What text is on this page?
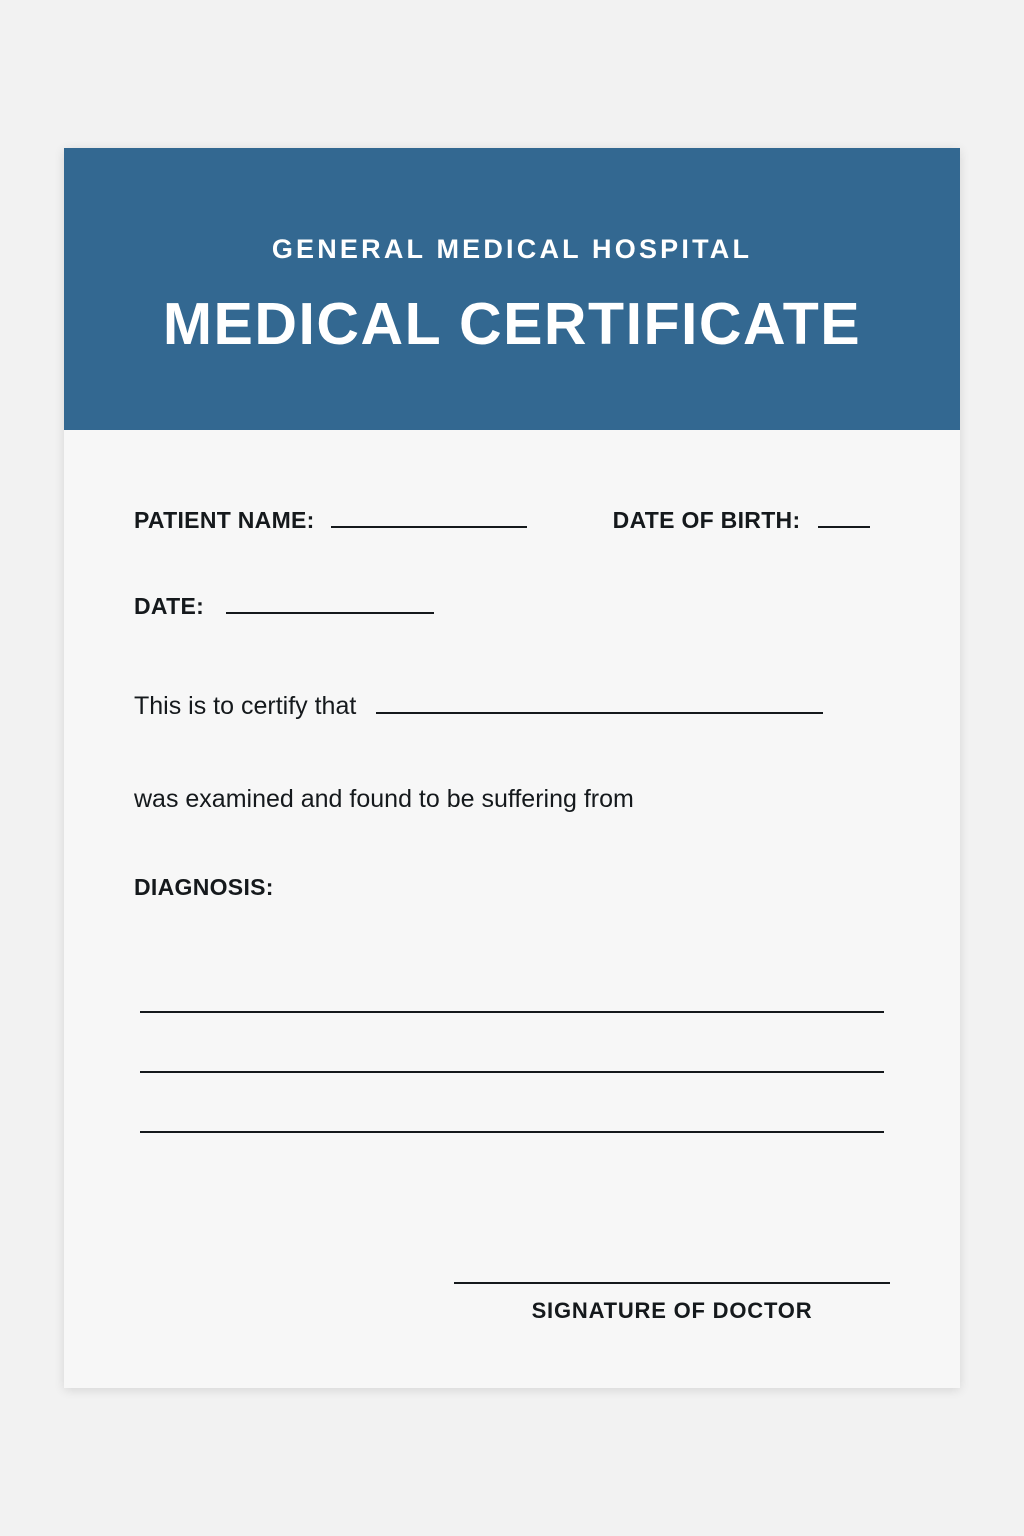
GENERAL MEDICAL HOSPITAL
MEDICAL CERTIFICATE
PATIENT NAME:	DATE OF BIRTH:
DATE:
This is to certify that
was examined and found to be suffering from
DIAGNOSIS:
SIGNATURE OF DOCTOR
